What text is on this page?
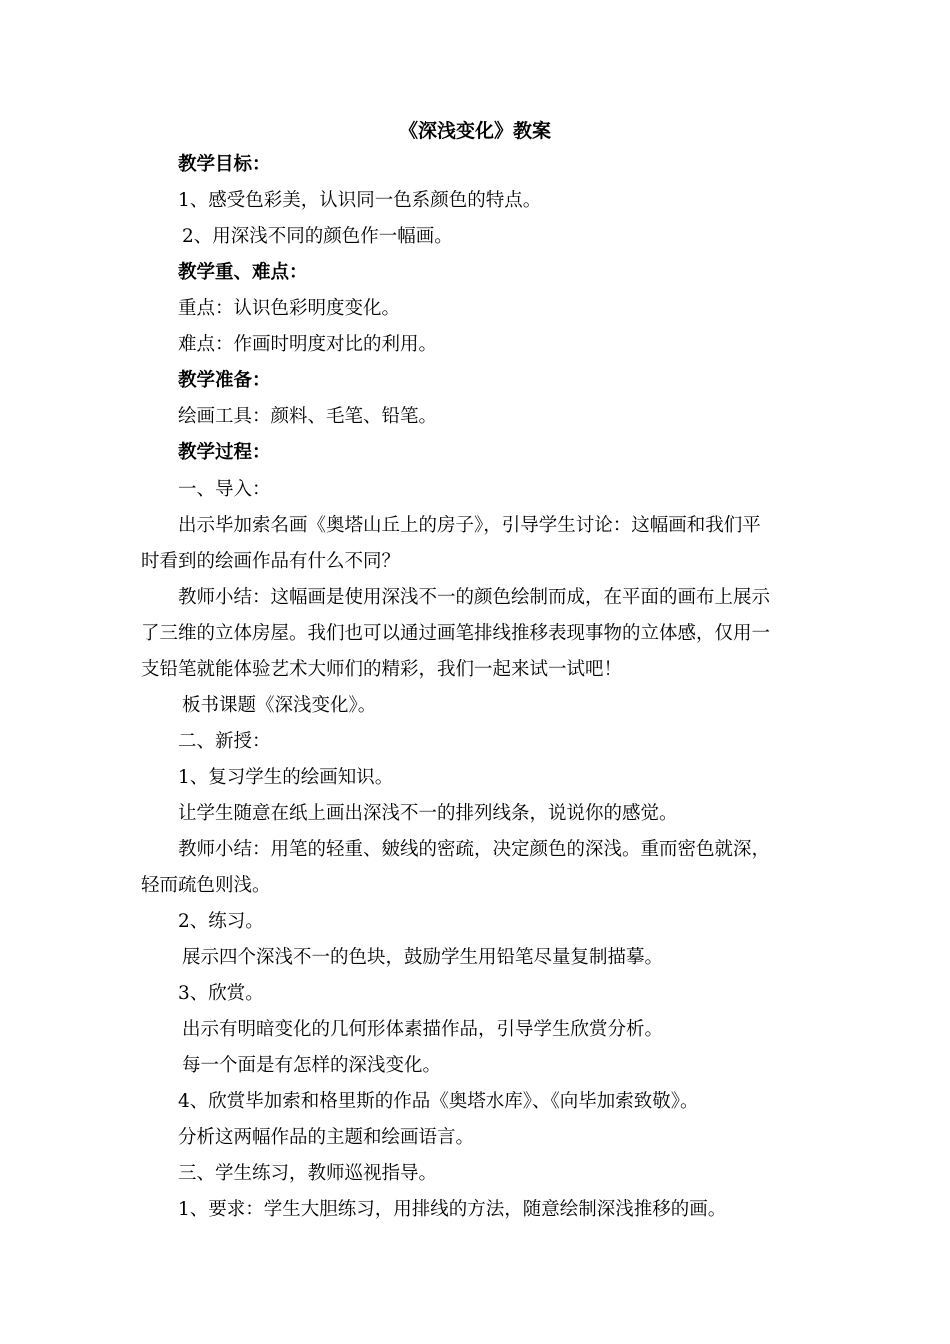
《深浅变化》教案
教学目标：
1、感受色彩美，认识同一色系颜色的特点。
2、用深浅不同的颜色作一幅画。
教学重、难点：
重点：认识色彩明度变化。
难点：作画时明度对比的利用。
教学准备：
绘画工具：颜料、毛笔、铅笔。
教学过程：
一、导入：
出示毕加索名画《奥塔山丘上的房子》，引导学生讨论：这幅画和我们平
时看到的绘画作品有什么不同？
教师小结：这幅画是使用深浅不一的颜色绘制而成，在平面的画布上展示
了三维的立体房屋。我们也可以通过画笔排线推移表现事物的立体感，仅用一
支铅笔就能体验艺术大师们的精彩，我们一起来试一试吧！
板书课题《深浅变化》。
二、新授：
1、复习学生的绘画知识。
让学生随意在纸上画出深浅不一的排列线条，说说你的感觉。
教师小结：用笔的轻重、皴线的密疏，决定颜色的深浅。重而密色就深，
轻而疏色则浅。
2、练习。
展示四个深浅不一的色块，鼓励学生用铅笔尽量复制描摹。
3、欣赏。
出示有明暗变化的几何形体素描作品，引导学生欣赏分析。
每一个面是有怎样的深浅变化。
4、欣赏毕加索和格里斯的作品《奥塔水库》、《向毕加索致敬》。
分析这两幅作品的主题和绘画语言。
三、学生练习，教师巡视指导。
1、要求：学生大胆练习，用排线的方法，随意绘制深浅推移的画。
